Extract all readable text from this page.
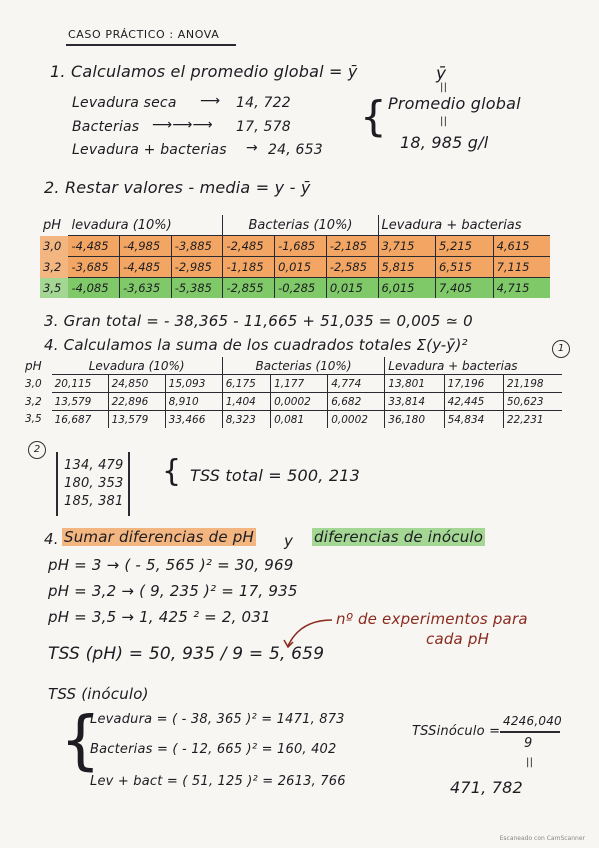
CASO PRÁCTICO : ANOVA
1. Calculamos el promedio global = ȳ
Levadura seca ⟶ 14, 722
Bacterias ⟶⟶⟶ 17, 578
Levadura + bacterias → 24, 653
{
ȳ
||
Promedio global
||
18, 985 g/l
2. Restar valores - media = y - ȳ
pH	levadura (10%)			Bacterias (10%)			Levadura + bacterias		
3,0	-4,485	-4,985	-3,885	-2,485	-1,685	-2,185	3,715	5,215	4,615
3,2	-3,685	-4,485	-2,985	-1,185	0,015	-2,585	5,815	6,515	7,115
3,5	-4,085	-3,635	-5,385	-2,855	-0,285	0,015	6,015	7,405	4,715
3. Gran total = - 38,365 - 11,665 + 51,035 = 0,005 ≃ 0
4. Calculamos la suma de los cuadrados totales Σ(y-ȳ)²	1
pH	Levadura (10%)			Bacterias (10%)			Levadura + bacterias		
3,0	20,115	24,850	15,093	6,175	1,177	4,774	13,801	17,196	21,198
3,2	13,579	22,896	8,910	1,404	0,0002	6,682	33,814	42,445	50,623
3,5	16,687	13,579	33,466	8,323	0,081	0,0002	36,180	54,834	22,231
2
134, 479
180, 353
185, 381
{ TSS total = 500, 213
4. Sumar diferencias de pH y diferencias de inóculo
pH = 3 → ( - 5, 565 )² = 30, 969
pH = 3,2 → ( 9, 235 )² = 17, 935
pH = 3,5 → 1, 425 ² = 2, 031	nº de experimentos para
cada pH
TSS (pH) = 50, 935 / 9 = 5, 659
TSS (inóculo)
{
Levadura = ( - 38, 365 )² = 1471, 873
Bacterias = ( - 12, 665 )² = 160, 402
Lev + bact = ( 51, 125 )² = 2613, 766
TSSinóculo =
4246,040
9
||
471, 782
Escaneado con CamScanner
